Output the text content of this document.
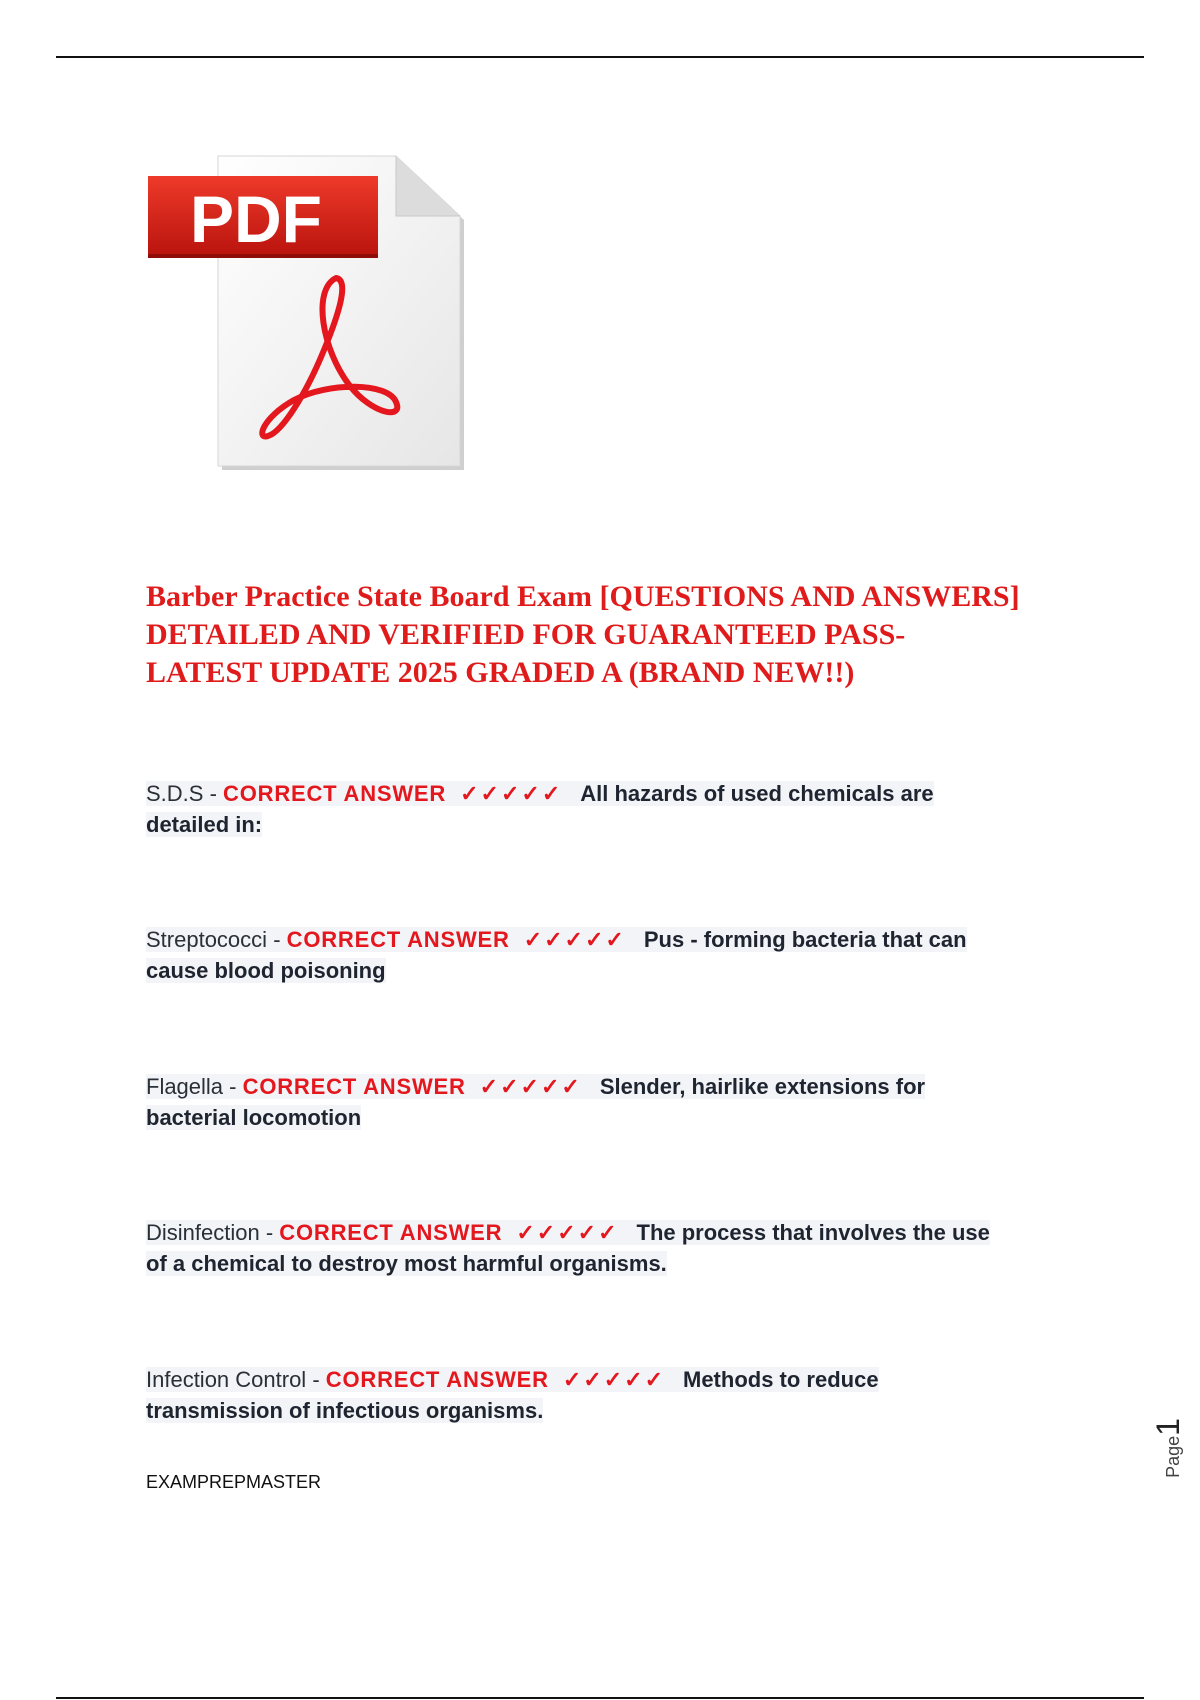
PDF
Barber Practice State Board Exam [QUESTIONS AND ANSWERS]
DETAILED AND VERIFIED FOR GUARANTEED PASS-
LATEST UPDATE 2025 GRADED A (BRAND NEW!!)
S.D.S - CORRECT ANSWER ✓✓✓✓✓ All hazards of used chemicals are
detailed in:
Streptococci - CORRECT ANSWER ✓✓✓✓✓ Pus - forming bacteria that can
cause blood poisoning
Flagella - CORRECT ANSWER ✓✓✓✓✓ Slender, hairlike extensions for
bacterial locomotion
Disinfection - CORRECT ANSWER ✓✓✓✓✓ The process that involves the use
of a chemical to destroy most harmful organisms.
Infection Control - CORRECT ANSWER ✓✓✓✓✓ Methods to reduce
transmission of infectious organisms.
EXAMPREPMASTER
Page1
